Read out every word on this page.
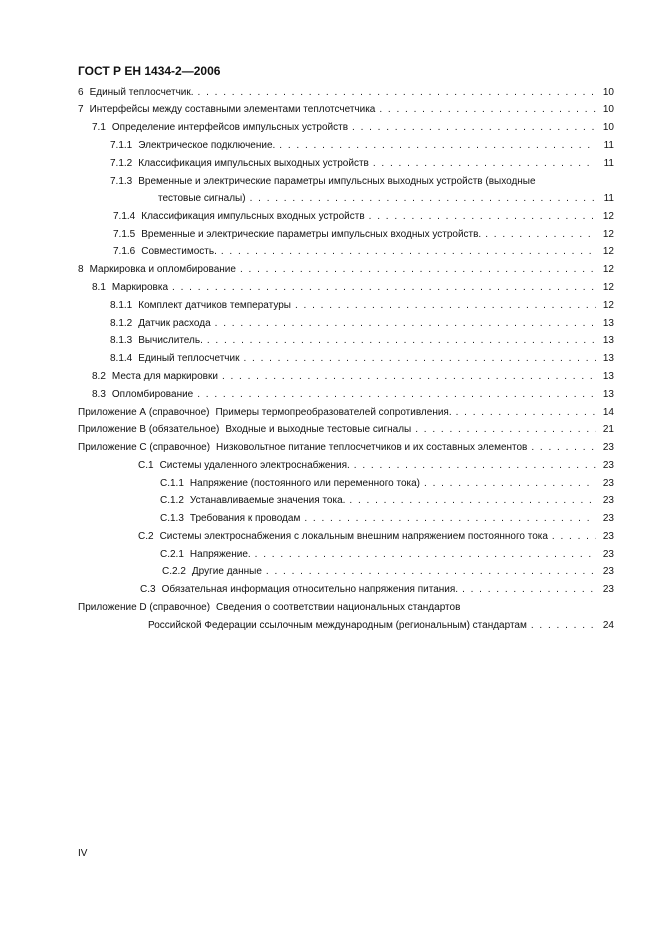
ГОСТ Р ЕН 1434-2—2006
6 Единый теплосчетчик. . . .	10
7 Интерфейсы между составными элементами теплотсчетчика . . .	10
7.1 Определение интерфейсов импульсных устройств . . .	10
7.1.1 Электрическое подключение. . . .	11
7.1.2 Классификация импульсных выходных устройств . . .	11
7.1.3 Временные и электрические параметры импульсных выходных устройств (выходные
тестовые сигналы) . . .	11
7.1.4 Классификация импульсных входных устройств . . .	12
7.1.5 Временные и электрические параметры импульсных входных устройств. . . .	12
7.1.6 Совместимость. . . .	12
8 Маркировка и опломбирование . . .	12
8.1 Маркировка . . .	12
8.1.1 Комплект датчиков температуры . . .	12
8.1.2 Датчик расхода . . .	13
8.1.3 Вычислитель. . . .	13
8.1.4 Единый теплосчетчик . . .	13
8.2 Места для маркировки . . .	13
8.3 Опломбирование . . .	13
Приложение А (справочное) Примеры термопреобразователей сопротивления. . . .	14
Приложение В (обязательное) Входные и выходные тестовые сигналы . . .	21
Приложение С (справочное) Низковольтное питание теплосчетчиков и их составных элементов . . .	23
C.1 Системы удаленного электроснабжения. . . .	23
C.1.1 Напряжение (постоянного или переменного тока) . . .	23
C.1.2 Устанавливаемые значения тока. . . .	23
C.1.3 Требования к проводам . . .	23
C.2 Системы электроснабжения с локальным внешним напряжением постоянного тока . . .	23
C.2.1 Напряжение. . . .	23
C.2.2 Другие данные . . .	23
C.3 Обязательная информация относительно напряжения питания. . . .	23
Приложение D (справочное) Сведения о соответствии национальных стандартов
Российской Федерации ссылочным международным (региональным) стандартам . . .	24
IV
